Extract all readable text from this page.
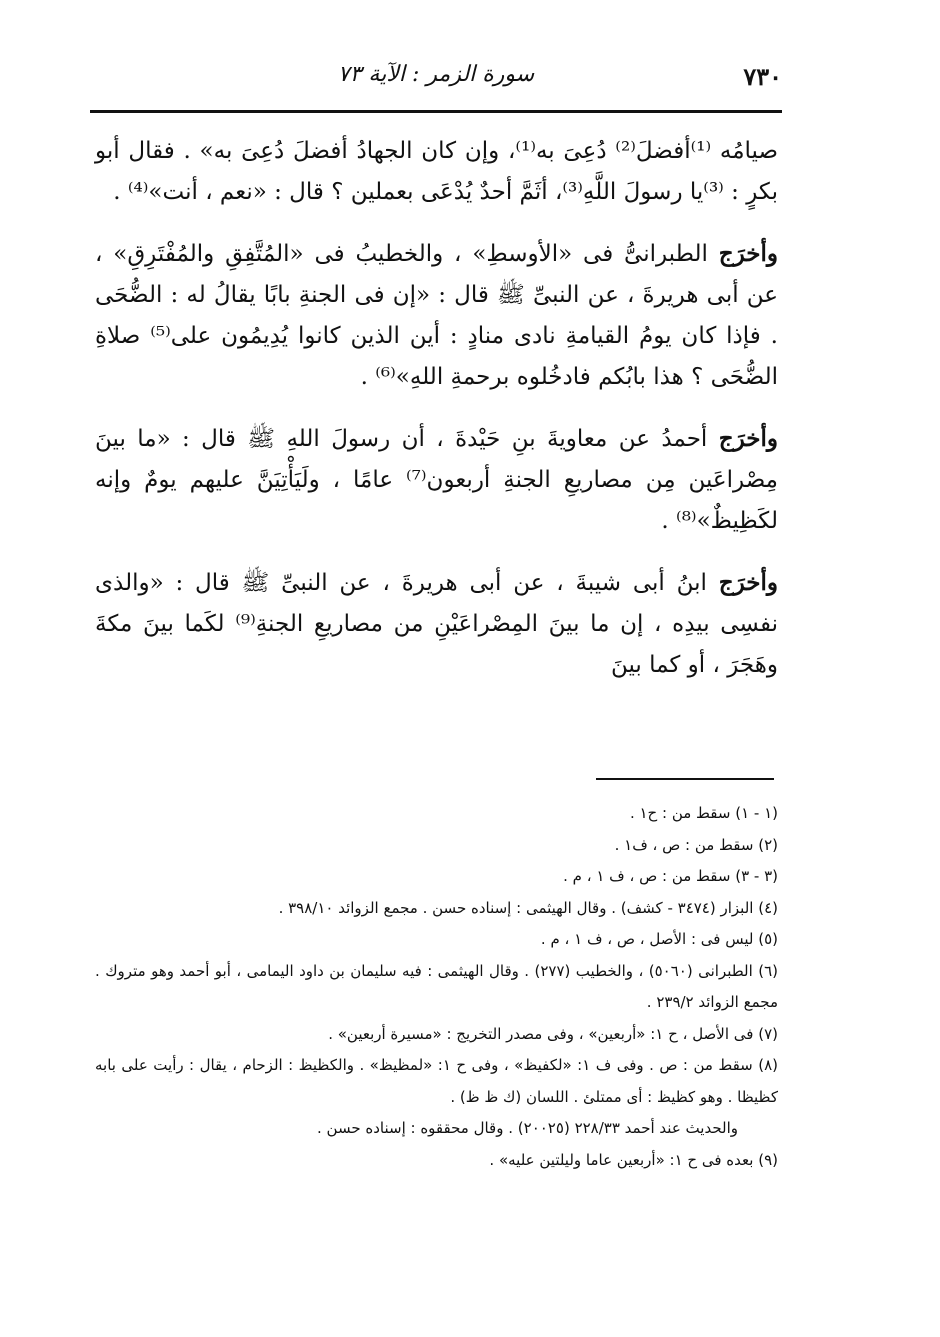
٧٣٠
سورة الزمر : الآية ٧٣

صيامُه ⁽¹⁾أفضلَ⁽²⁾ دُعِىَ به⁽¹⁾، وإن كان الجهادُ أفضلَ دُعِىَ به» . فقال أبو بكرٍ : ⁽³⁾يا رسولَ اللَّهِ⁽³⁾، أثَمَّ أحدٌ يُدْعَى بعملين ؟ قال : «نعم ، أنت»⁽⁴⁾ .

وأخرَج الطبرانىُّ فى «الأوسطِ» ، والخطيبُ فى «المُتَّفِقِ والمُفْتَرِقِ» ، عن أبى هريرةَ ، عن النبىِّ ﷺ قال : «إن فى الجنةِ بابًا يقالُ له : الضُّحَى . فإذا كان يومُ القيامةِ نادى منادٍ : أين الذين كانوا يُدِيمُون على⁽⁵⁾ صلاةِ الضُّحَى ؟ هذا بابُكم فادخُلوه برحمةِ اللهِ»⁽⁶⁾ .

وأخرَج أحمدُ عن معاويةَ بنِ حَيْدةَ ، أن رسولَ اللهِ ﷺ قال : «ما بينَ مِصْراعَين مِن مصاريعِ الجنةِ أربعون⁽⁷⁾ عامًا ، ولَيَأْتِيَنَّ عليهم يومٌ وإنه لكَظِيظٌ»⁽⁸⁾ .

وأخرَج ابنُ أبى شيبةَ ، عن أبى هريرةَ ، عن النبىِّ ﷺ قال : «والذى نفسِى بيدِه ، إن ما بينَ المِصْراعَيْنِ من مصاريعِ الجنةِ⁽⁹⁾ لكَما بينَ مكةَ وهَجَرَ ، أو كما بينَ

(١ - ١) سقط من : ح١ .

(٢) سقط من : ص ، ف١ .

(٣ - ٣) سقط من : ص ، ف ١ ، م .

(٤) البزار (٣٤٧٤ - كشف) . وقال الهيثمى : إسناده حسن . مجمع الزوائد ٣٩٨/١٠ .

(٥) ليس فى : الأصل ، ص ، ف ١ ، م .

(٦) الطبرانى (٥٠٦٠) ، والخطيب (٢٧٧) . وقال الهيثمى : فيه سليمان بن داود اليمامى ، أبو أحمد وهو متروك . مجمع الزوائد ٢٣٩/٢ .

(٧) فى الأصل ، ح ١: «أربعين» ، وفى مصدر التخريج : «مسيرة أربعين» .

(٨) سقط من : ص . وفى ف ١: «لكفيظ» ، وفى ح ١: «لمظيظ» . والكظيظ : الزحام ، يقال : رأيت على بابه كظيظا . وهو كظيظ : أى ممتلئ . اللسان (ك ظ ظ) .

والحديث عند أحمد ٢٢٨/٣٣ (٢٠٠٢٥) . وقال محققوه : إسناده حسن .

(٩) بعده فى ح ١: «أربعين عاما وليلتين عليه» .
